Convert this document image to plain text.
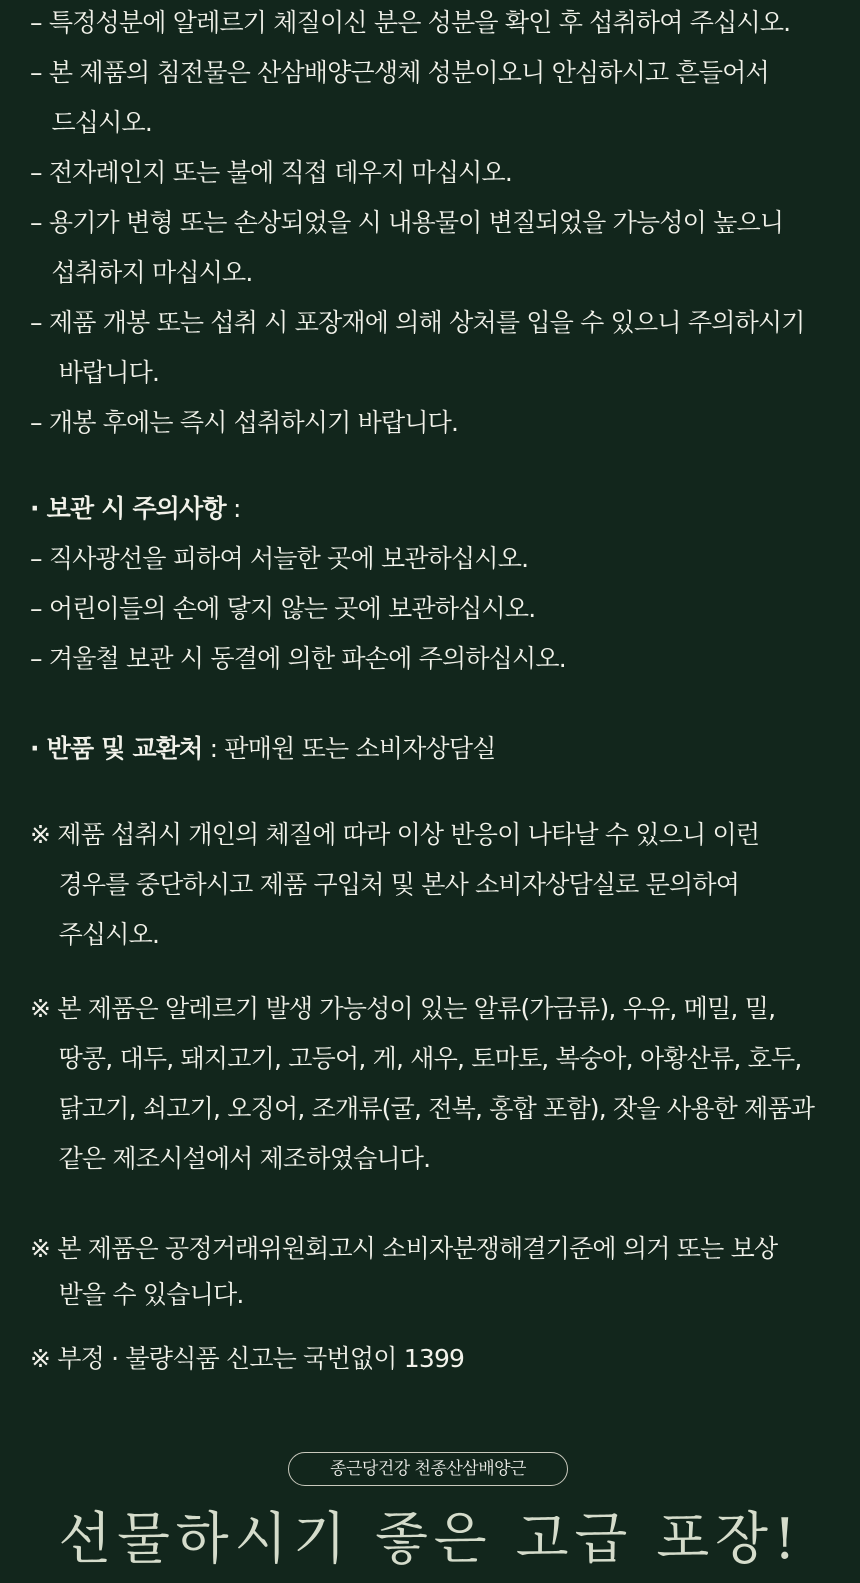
– 특정성분에 알레르기 체질이신 분은 성분을 확인 후 섭취하여 주십시오.
– 본 제품의 침전물은 산삼배양근생체 성분이오니 안심하시고 흔들어서
드십시오.
– 전자레인지 또는 불에 직접 데우지 마십시오.
– 용기가 변형 또는 손상되었을 시 내용물이 변질되었을 가능성이 높으니
섭취하지 마십시오.
– 제품 개봉 또는 섭취 시 포장재에 의해 상처를 입을 수 있으니 주의하시기
바랍니다.
– 개봉 후에는 즉시 섭취하시기 바랍니다.
· 보관 시 주의사항 :
– 직사광선을 피하여 서늘한 곳에 보관하십시오.
– 어린이들의 손에 닿지 않는 곳에 보관하십시오.
– 겨울철 보관 시 동결에 의한 파손에 주의하십시오.
· 반품 및 교환처 : 판매원 또는 소비자상담실
※ 제품 섭취시 개인의 체질에 따라 이상 반응이 나타날 수 있으니 이런
경우를 중단하시고 제품 구입처 및 본사 소비자상담실로 문의하여
주십시오.
※ 본 제품은 알레르기 발생 가능성이 있는 알류(가금류), 우유, 메밀, 밀,
땅콩, 대두, 돼지고기, 고등어, 게, 새우, 토마토, 복숭아, 아황산류, 호두,
닭고기, 쇠고기, 오징어, 조개류(굴, 전복, 홍합 포함), 잣을 사용한 제품과
같은 제조시설에서 제조하였습니다.
※ 본 제품은 공정거래위원회고시 소비자분쟁해결기준에 의거 또는 보상
받을 수 있습니다.
※ 부정 · 불량식품 신고는 국번없이 1399
종근당건강 천종산삼배양근
선물하시기 좋은 고급 포장!
